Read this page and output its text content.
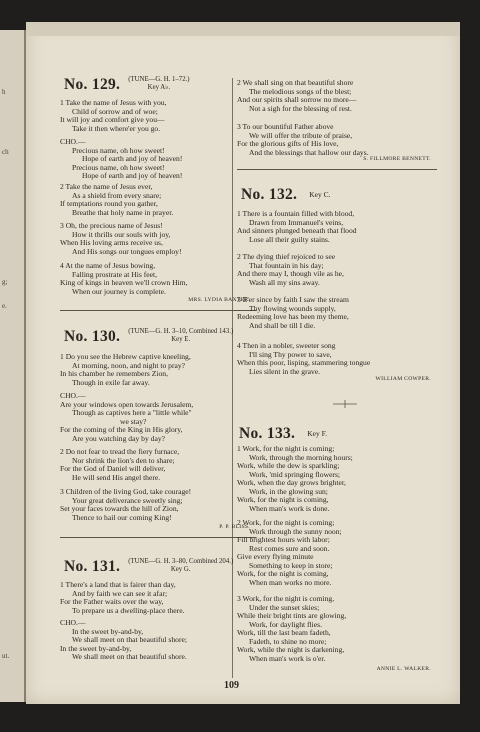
h
ch
g;
e.
ut.
No. 129. (TUNE—G. H. 1–72.)
Key A♭.
1 Take the name of Jesus with you,
Child of sorrow and of woe;
It will joy and comfort give you—
Take it then where'er you go.
CHO.—
Precious name, oh how sweet!
Hope of earth and joy of heaven!
Precious name, oh how sweet!
Hope of earth and joy of heaven!
2 Take the name of Jesus ever,
As a shield from every snare;
If temptations round you gather,
Breathe that holy name in prayer.
3 Oh, the precious name of Jesus!
How it thrills our souls with joy,
When His loving arms receive us,
And His songs our tongues employ!
4 At the name of Jesus bowing,
Falling prostrate at His feet,
King of kings in heaven we'll crown Him,
When our journey is complete.
MRS. LYDIA BAXTER.
No. 130. (TUNE—G. H. 3–10, Combined 143.)
Key E.
1 Do you see the Hebrew captive kneeling,
At morning, noon, and night to pray?
In his chamber he remembers Zion,
Though in exile far away.
CHO.—
Are your windows open towards Jerusalem,
Though as captives here a "little while"
we stay?
For the coming of the King in His glory,
Are you watching day by day?
2 Do not fear to tread the fiery furnace,
Nor shrink the lion's den to share;
For the God of Daniel will deliver,
He will send His angel there.
3 Children of the living God, take courage!
Your great deliverance sweetly sing;
Set your faces towards the hill of Zion,
Thence to hail our coming King!
P. P. BLISS.
No. 131. (TUNE—G. H. 3–80, Combined 204.)
Key G.
1 There's a land that is fairer than day,
And by faith we can see it afar;
For the Father waits over the way,
To prepare us a dwelling-place there.
CHO.—
In the sweet by-and-by,
We shall meet on that beautiful shore;
In the sweet by-and-by,
We shall meet on that beautiful shore.
2 We shall sing on that beautiful shore
The melodious songs of the blest;
And our spirits shall sorrow no more—
Not a sigh for the blessing of rest.
3 To our bountiful Father above
We will offer the tribute of praise,
For the glorious gifts of His love,
And the blessings that hallow our days.
S. FILLMORE BENNETT.
No. 132. Key C.
1 There is a fountain filled with blood,
Drawn from Immanuel's veins,
And sinners plunged beneath that flood
Lose all their guilty stains.
2 The dying thief rejoiced to see
That fountain in his day;
And there may I, though vile as he,
Wash all my sins away.
3 E'er since by faith I saw the stream
Thy flowing wounds supply,
Redeeming love has been my theme,
And shall be till I die.
4 Then in a nobler, sweeter song
I'll sing Thy power to save,
When this poor, lisping, stammering tongue
Lies silent in the grave.
WILLIAM COWPER.
No. 133. Key F.
1 Work, for the night is coming;
Work, through the morning hours;
Work, while the dew is sparkling;
Work, 'mid springing flowers;
Work, when the day grows brighter,
Work, in the glowing sun;
Work, for the night is coming,
When man's work is done.
2 Work, for the night is coming;
Work through the sunny noon;
Fill brightest hours with labor;
Rest comes sure and soon.
Give every flying minute
Something to keep in store;
Work, for the night is coming,
When man works no more.
3 Work, for the night is coming,
Under the sunset skies;
While their bright tints are glowing,
Work, for daylight flies.
Work, till the last beam fadeth,
Fadeth, to shine no more;
Work, while the night is darkening,
When man's work is o'er.
ANNIE L. WALKER.
109
